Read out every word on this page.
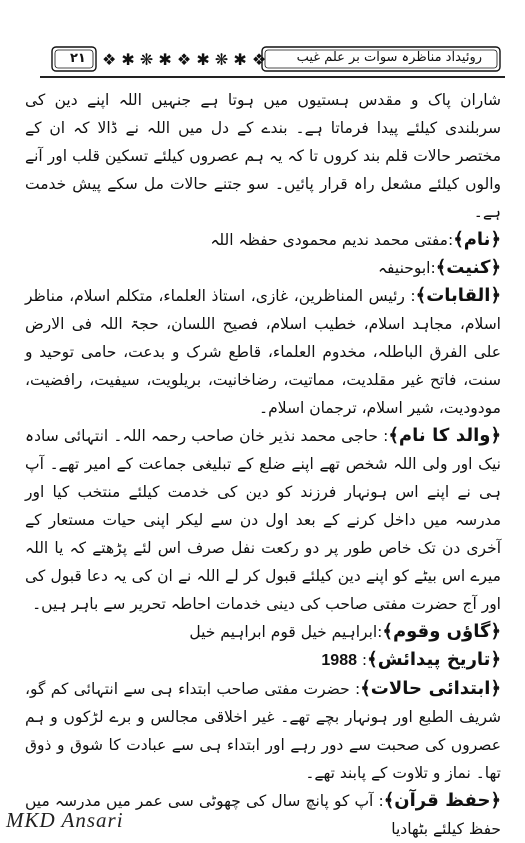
❖ ✱ ❋ ✱ ❖ ✱ ❋ ✱ ❖
۲۱	روئیداد مناظرہ سوات بر علم غیب

شاران پاک و مقدس ہستیوں میں ہوتا ہے جنہیں اللہ اپنے دین کی سربلندی کیلئے پیدا فرماتا ہے۔ بندے کے دل میں اللہ نے ڈالا کہ ان کے مختصر حالات قلم بند کروں تا کہ یہ ہم عصروں کیلئے تسکین قلب اور آنے والوں کیلئے مشعل راہ قرار پائیں۔ سو جتنے حالات مل سکے پیش خدمت ہے۔

﴿نام﴾:مفتی محمد ندیم محمودی حفظہ اللہ

﴿کنیت﴾:ابوحنیفہ

﴿القابات﴾: رئیس المناظرین، غازی، استاذ العلماء، متکلم اسلام، مناظر اسلام، مجاہد اسلام، خطیب اسلام، فصیح اللسان، حجۃ اللہ فی الارض علی الفرق الباطلہ، مخدوم العلماء، قاطع شرک و بدعت، حامی توحید و سنت، فاتح غیر مقلدیت، مماتیت، رضاخانیت، بریلویت، سیفیت، رافضیت، مودودیت، شیر اسلام، ترجمان اسلام۔

﴿والد کا نام﴾: حاجی محمد نذیر خان صاحب رحمہ اللہ۔ انتہائی سادہ نیک اور ولی اللہ شخص تھے اپنے ضلع کے تبلیغی جماعت کے امیر تھے۔ آپ ہی نے اپنے اس ہونہار فرزند کو دین کی خدمت کیلئے منتخب کیا اور مدرسہ میں داخل کرنے کے بعد اول دن سے لیکر اپنی حیات مستعار کے آخری دن تک خاص طور پر دو رکعت نفل صرف اس لئے پڑھتے کہ یا اللہ میرے اس بیٹے کو اپنے دین کیلئے قبول کر لے اللہ نے ان کی یہ دعا قبول کی اور آج حضرت مفتی صاحب کی دینی خدمات احاطہ تحریر سے باہر ہیں۔

﴿گاؤں وقوم﴾:ابراہیم خیل قوم ابراہیم خیل

﴿تاریخ پیدائش﴾: 1988

﴿ابتدائی حالات﴾: حضرت مفتی صاحب ابتداء ہی سے انتہائی کم گو، شریف الطبع اور ہونہار بچے تھے۔ غیر اخلاقی مجالس و برے لڑکوں و ہم عصروں کی صحبت سے دور رہے اور ابتداء ہی سے عبادت کا شوق و ذوق تھا۔ نماز و تلاوت کے پابند تھے۔

﴿حفظ قرآن﴾: آپ کو پانچ سال کی چھوٹی سی عمر میں مدرسہ میں حفظ کیلئے بٹھادیا

MKD Ansari
